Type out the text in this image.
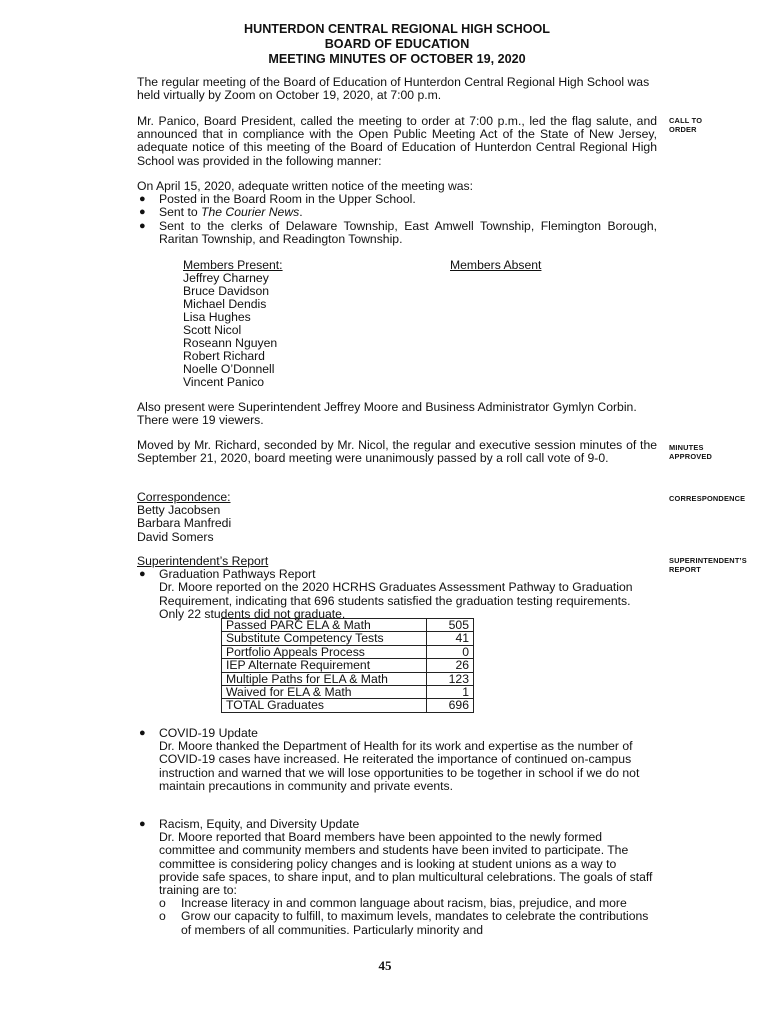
HUNTERDON CENTRAL REGIONAL HIGH SCHOOL
BOARD OF EDUCATION
MEETING MINUTES OF OCTOBER 19, 2020
The regular meeting of the Board of Education of Hunterdon Central Regional High School was held virtually by Zoom on October 19, 2020, at 7:00 p.m.
CALL TO
ORDER
Mr. Panico, Board President, called the meeting to order at 7:00 p.m., led the flag salute, and announced that in compliance with the Open Public Meeting Act of the State of New Jersey, adequate notice of this meeting of the Board of Education of Hunterdon Central Regional High School was provided in the following manner:
On April 15, 2020, adequate written notice of the meeting was:
● Posted in the Board Room in the Upper School.
● Sent to The Courier News.
● Sent to the clerks of Delaware Township, East Amwell Township, Flemington Borough, Raritan Township, and Readington Township.
Members Present:
Jeffrey Charney
Bruce Davidson
Michael Dendis
Lisa Hughes
Scott Nicol
Roseann Nguyen
Robert Richard
Noelle O’Donnell
Vincent Panico
Members Absent
Also present were Superintendent Jeffrey Moore and Business Administrator Gymlyn Corbin. There were 19 viewers.
MINUTES
APPROVED
Moved by Mr. Richard, seconded by Mr. Nicol, the regular and executive session minutes of the September 21, 2020, board meeting were unanimously passed by a roll call vote of 9-0.
CORRESPONDENCE
Correspondence:
Betty Jacobsen
Barbara Manfredi
David Somers
SUPERINTENDENT’S
REPORT
Superintendent’s Report
● Graduation Pathways Report
Dr. Moore reported on the 2020 HCRHS Graduates Assessment Pathway to Graduation Requirement, indicating that 696 students satisfied the graduation testing requirements. Only 22 students did not graduate.
Passed PARC ELA & Math	505
Substitute Competency Tests	41
Portfolio Appeals Process	0
IEP Alternate Requirement	26
Multiple Paths for ELA & Math	123
Waived for ELA & Math	1
TOTAL Graduates	696
● COVID-19 Update
Dr. Moore thanked the Department of Health for its work and expertise as the number of COVID-19 cases have increased. He reiterated the importance of continued on-campus instruction and warned that we will lose opportunities to be together in school if we do not maintain precautions in community and private events.
● Racism, Equity, and Diversity Update
Dr. Moore reported that Board members have been appointed to the newly formed committee and community members and students have been invited to participate. The committee is considering policy changes and is looking at student unions as a way to provide safe spaces, to share input, and to plan multicultural celebrations. The goals of staff training are to:
o Increase literacy in and common language about racism, bias, prejudice, and more
o Grow our capacity to fulfill, to maximum levels, mandates to celebrate the contributions of members of all communities. Particularly minority and
45
